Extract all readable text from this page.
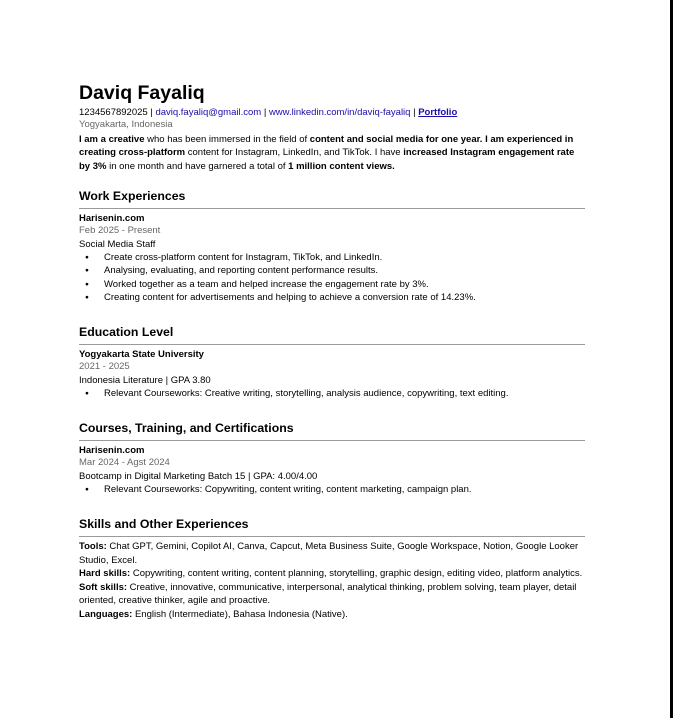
Daviq Fayaliq
1234567892025 | daviq.fayaliq@gmail.com | www.linkedin.com/in/daviq-fayaliq | Portfolio
Yogyakarta, Indonesia
I am a creative who has been immersed in the field of content and social media for one year. I am experienced in creating cross-platform content for Instagram, LinkedIn, and TikTok. I have increased Instagram engagement rate by 3% in one month and have garnered a total of 1 million content views.
Work Experiences
Harisenin.com
Feb 2025 - Present
Social Media Staff
● Create cross-platform content for Instagram, TikTok, and LinkedIn.
● Analysing, evaluating, and reporting content performance results.
● Worked together as a team and helped increase the engagement rate by 3%.
● Creating content for advertisements and helping to achieve a conversion rate of 14.23%.
Education Level
Yogyakarta State University
2021 - 2025
Indonesia Literature | GPA 3.80
● Relevant Courseworks: Creative writing, storytelling, analysis audience, copywriting, text editing.
Courses, Training, and Certifications
Harisenin.com
Mar 2024 - Agst 2024
Bootcamp in Digital Marketing Batch 15 | GPA: 4.00/4.00
● Relevant Courseworks: Copywriting, content writing, content marketing, campaign plan.
Skills and Other Experiences

Tools: Chat GPT, Gemini, Copilot AI, Canva, Capcut, Meta Business Suite, Google Workspace, Notion, Google Looker Studio, Excel.

Hard skills: Copywriting, content writing, content planning, storytelling, graphic design, editing video, platform analytics.

Soft skills: Creative, innovative, communicative, interpersonal, analytical thinking, problem solving, team player, detail oriented, creative thinker, agile and proactive.

Languages: English (Intermediate), Bahasa Indonesia (Native).
